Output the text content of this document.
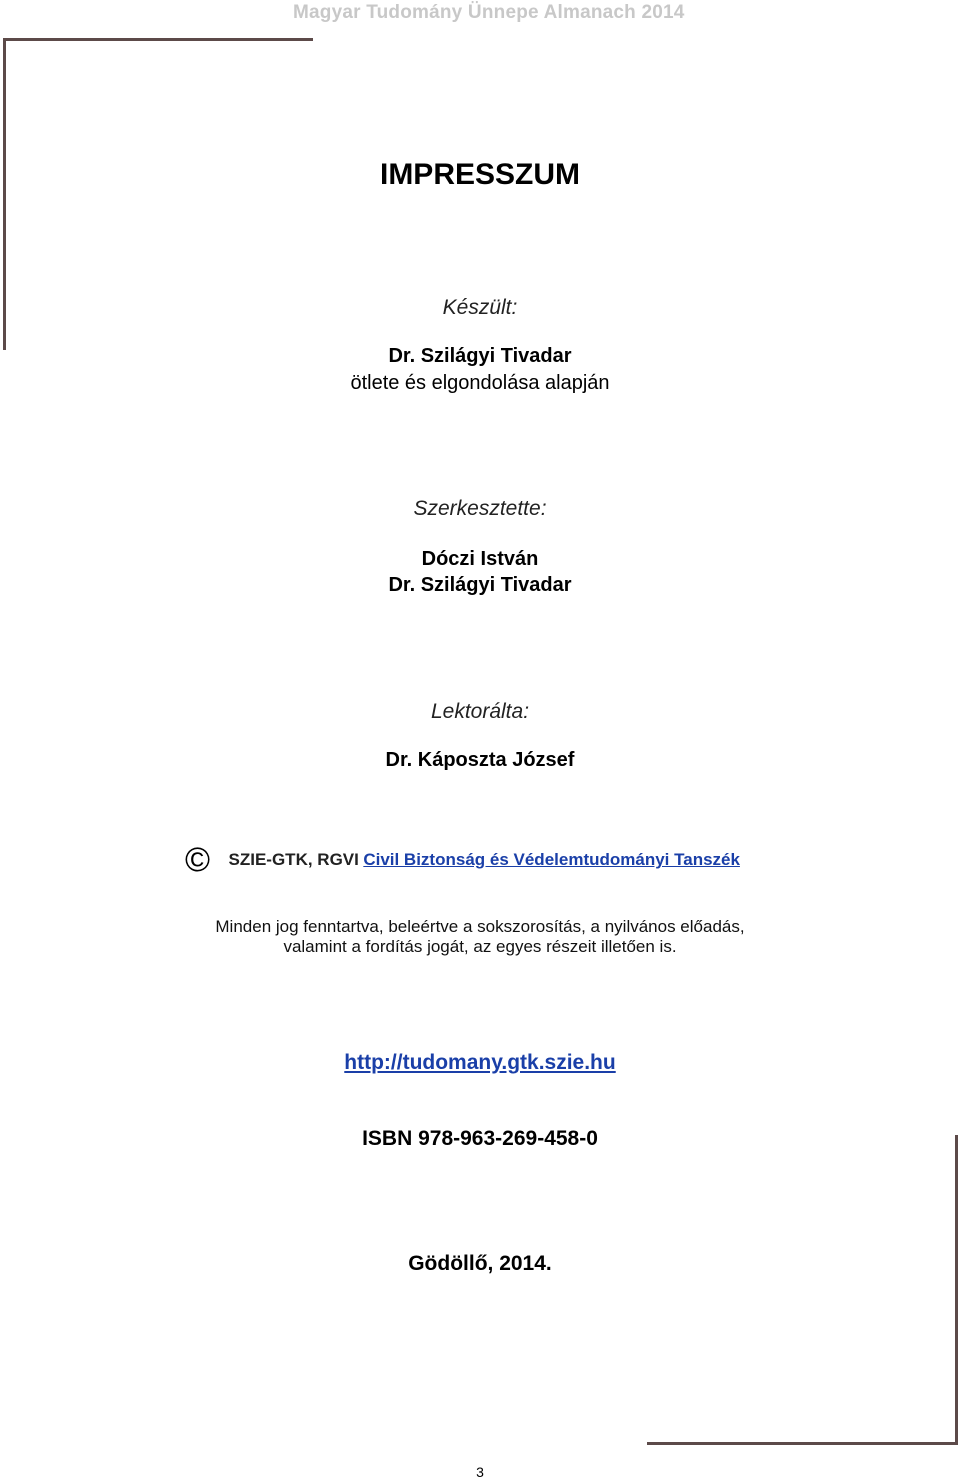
Magyar Tudomány Ünnepe Almanach 2014
IMPRESSZUM
Készült:
Dr. Szilágyi Tivadar
ötlete és elgondolása alapján
Szerkesztette:
Dóczi István
Dr. Szilágyi Tivadar
Lektorálta:
Dr. Káposzta József
© SZIE-GTK, RGVI Civil Biztonság és Védelemtudományi Tanszék
Minden jog fenntartva, beleértve a sokszorosítás, a nyilvános előadás,
valamint a fordítás jogát, az egyes részeit illetően is.
http://tudomany.gtk.szie.hu
ISBN 978-963-269-458-0
Gödöllő, 2014.
3
